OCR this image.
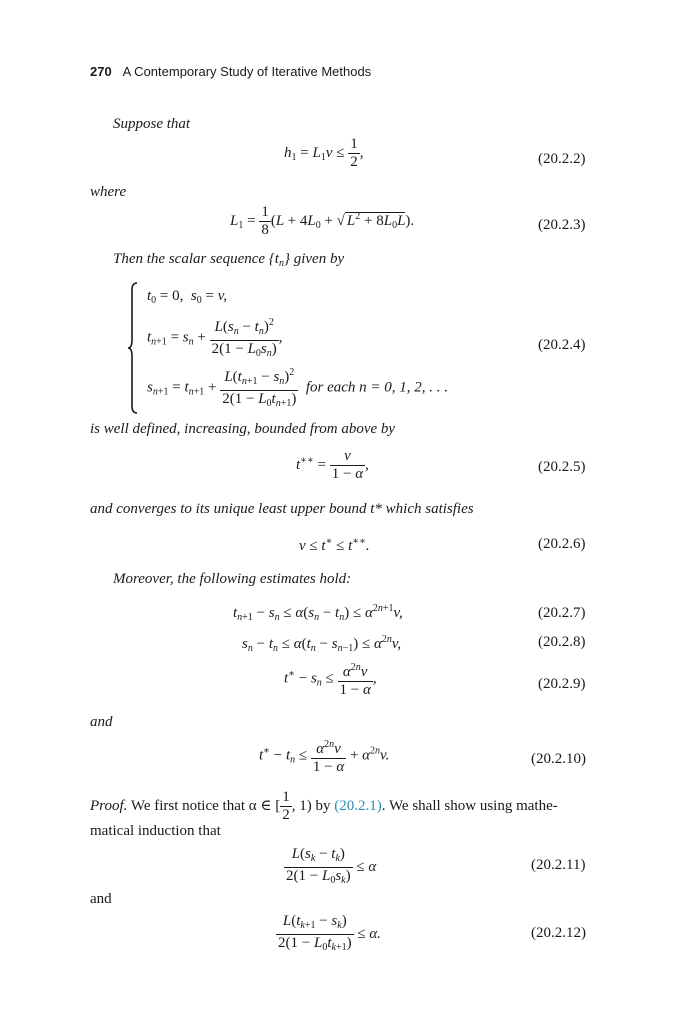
270 A Contemporary Study of Iterative Methods
Suppose that
$h_1 = L_1v \le \frac{1}{2}$ ,	(20.2.2)
where
$L_1 = \frac{1}{8} (L + 4L_0$ + √ $L^2 + 8L_0L$).	(20.2.3)
Then the scalar sequence $\{t_n\}$ given by
$t_0 = 0$,  $s_0 = v$,
$t_{n+1} = s_n + \frac{L(s_n - t_n)^2}{2(1 - L_0s_n)}$ ,	(20.2.4)
$s_{n+1} = t_{n+1} + \frac{L(t_{n+1} - s_n)^2}{2(1 - L_0t_{n+1})}$ for each n = 0, 1, 2, . . .
is well defined, increasing, bounded from above by
$t^{∗∗} = \frac{v}{1 - \alpha}$ ,	(20.2.5)
and converges to its unique least upper bound t* which satisfies
v ≤ t∗ ≤ t∗∗.	(20.2.6)
Moreover, the following estimates hold:
$t_{n+1} - s_n \le \alpha(s_n - t_n) \le \alpha^{2n+1}v$,	(20.2.7)
$s_n - t_n \le \alpha(t_n - s_{n-1}) \le \alpha^{2n}v$,	(20.2.8)
$t^∗ - s_n \le \frac{\alpha^{2n}v}{1 - \alpha}$ ,	(20.2.9)
and
$t^∗ - t_n \le \frac{\alpha^{2n}v}{1 - \alpha} + \alpha^{2n}v$.	(20.2.10)
Proof. We first notice that α ∈ [ $\frac{1}{2}$ , 1) by (20.2.1). We shall show using mathe-
matical induction that
$\frac{L(s_k - t_k)}{2(1 - L_0s_k)} \le \alpha$	(20.2.11)
and
$\frac{L(t_{k+1} - s_k)}{2(1 - L_0t_{k+1})} \le \alpha$.	(20.2.12)
